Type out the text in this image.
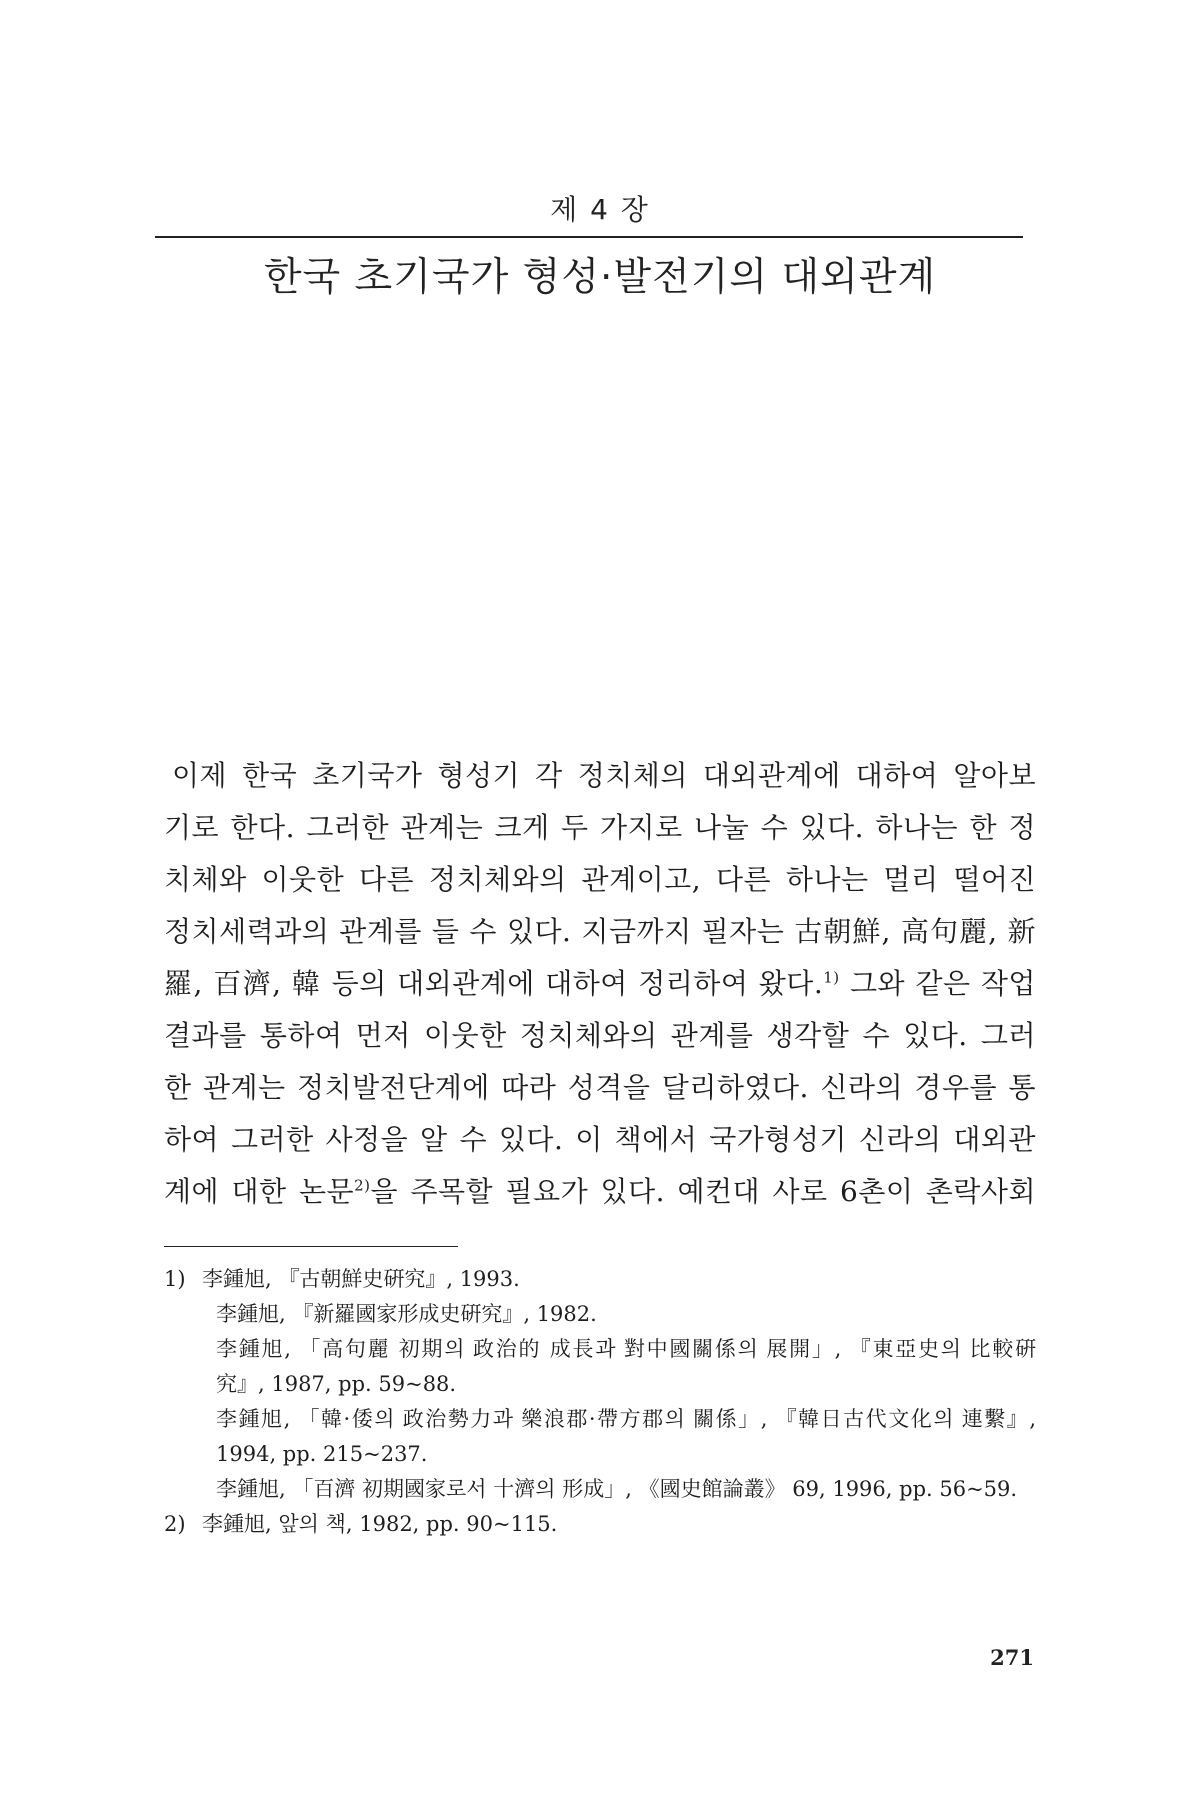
제 4 장
한국 초기국가 형성·발전기의 대외관계

이제 한국 초기국가 형성기 각 정치체의 대외관계에 대하여 알아보
기로 한다. 그러한 관계는 크게 두 가지로 나눌 수 있다. 하나는 한 정
치체와 이웃한 다른 정치체와의 관계이고, 다른 하나는 멀리 떨어진
정치세력과의 관계를 들 수 있다. 지금까지 필자는 古朝鮮, 高句麗, 新
羅, 百濟, 韓 등의 대외관계에 대하여 정리하여 왔다.$^{1)}$ 그와 같은 작업
결과를 통하여 먼저 이웃한 정치체와의 관계를 생각할 수 있다. 그러
한 관계는 정치발전단계에 따라 성격을 달리하였다. 신라의 경우를 통
하여 그러한 사정을 알 수 있다. 이 책에서 국가형성기 신라의 대외관
계에 대한 논문$^{2)}$을 주목할 필요가 있다. 예컨대 사로 6촌이 촌락사회

1) 李鍾旭, 『古朝鮮史硏究』, 1993.
李鍾旭, 『新羅國家形成史硏究』, 1982.
李鍾旭, 「高句麗 初期의 政治的 成長과 對中國關係의 展開」, 『東亞史의 比較硏
究』, 1987, pp. 59~88.
李鍾旭, 「韓·倭의 政治勢力과 樂浪郡·帶方郡의 關係」, 『韓日古代文化의 連繫』,
1994, pp. 215~237.
李鍾旭, 「百濟 初期國家로서 十濟의 形成」, 《國史館論叢》 69, 1996, pp. 56~59.
2) 李鍾旭, 앞의 책, 1982, pp. 90~115.
271
